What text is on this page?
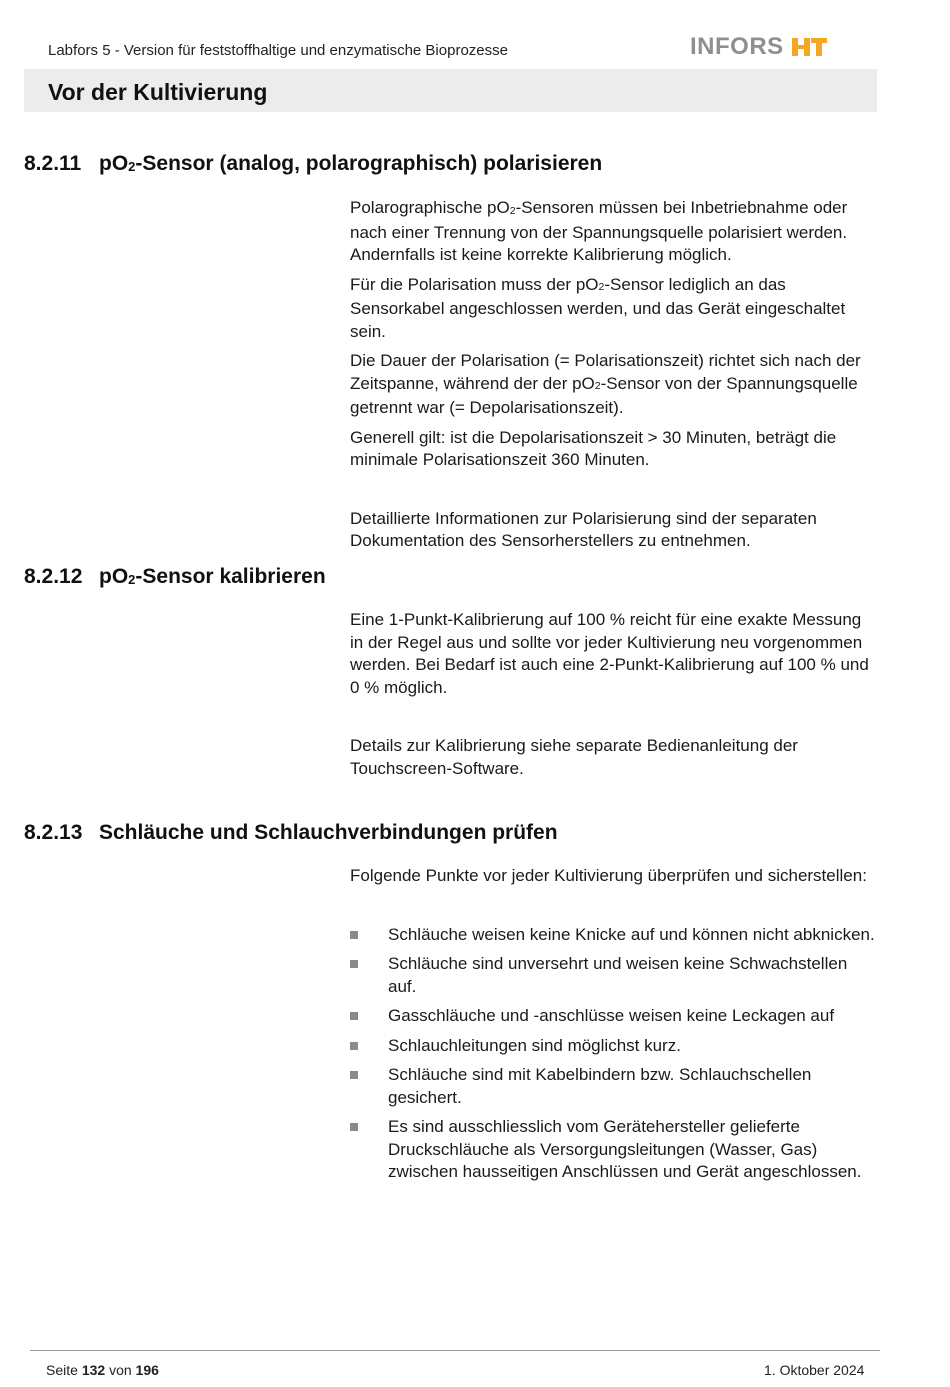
Labfors 5 - Version für feststoffhaltige und enzymatische Bioprozesse	INFORS
Vor der Kultivierung
8.2.11 $pO_2$-Sensor (analog, polarographisch) polarisieren

Polarographische $pO_2$-Sensoren müssen bei Inbetriebnahme oder nach einer Trennung von der Spannungsquelle polarisiert werden. Andernfalls ist keine korrekte Kalibrierung möglich.

Für die Polarisation muss der $pO_2$-Sensor lediglich an das Sensorkabel angeschlossen werden, und das Gerät eingeschaltet sein.

Die Dauer der Polarisation (= Polarisationszeit) richtet sich nach der Zeitspanne, während der der $pO_2$-Sensor von der Spannungsquelle getrennt war (= Depolarisationszeit).

Generell gilt: ist die Depolarisationszeit > 30 Minuten, beträgt die minimale Polarisationszeit 360 Minuten.

Detaillierte Informationen zur Polarisierung sind der separaten Dokumentation des Sensorherstellers zu entnehmen.

8.2.12 $pO_2$-Sensor kalibrieren

Eine 1-Punkt-Kalibrierung auf 100 % reicht für eine exakte Messung in der Regel aus und sollte vor jeder Kultivierung neu vorgenommen werden. Bei Bedarf ist auch eine 2-Punkt-Kalibrierung auf 100 % und 0 % möglich.

Details zur Kalibrierung siehe separate Bedienanleitung der Touchscreen-Software.

8.2.13 Schläuche und Schlauchverbindungen prüfen

Folgende Punkte vor jeder Kultivierung überprüfen und sicherstellen:

Schläuche weisen keine Knicke auf und können nicht abknicken.
Schläuche sind unversehrt und weisen keine Schwachstellen auf.
Gasschläuche und -anschlüsse weisen keine Leckagen auf
Schlauchleitungen sind möglichst kurz.
Schläuche sind mit Kabelbindern bzw. Schlauchschellen gesichert.
Es sind ausschliesslich vom Gerätehersteller gelieferte Druckschläuche als Versorgungsleitungen (Wasser, Gas) zwischen hausseitigen Anschlüssen und Gerät angeschlossen.
Seite 132 von 196	1. Oktober 2024
